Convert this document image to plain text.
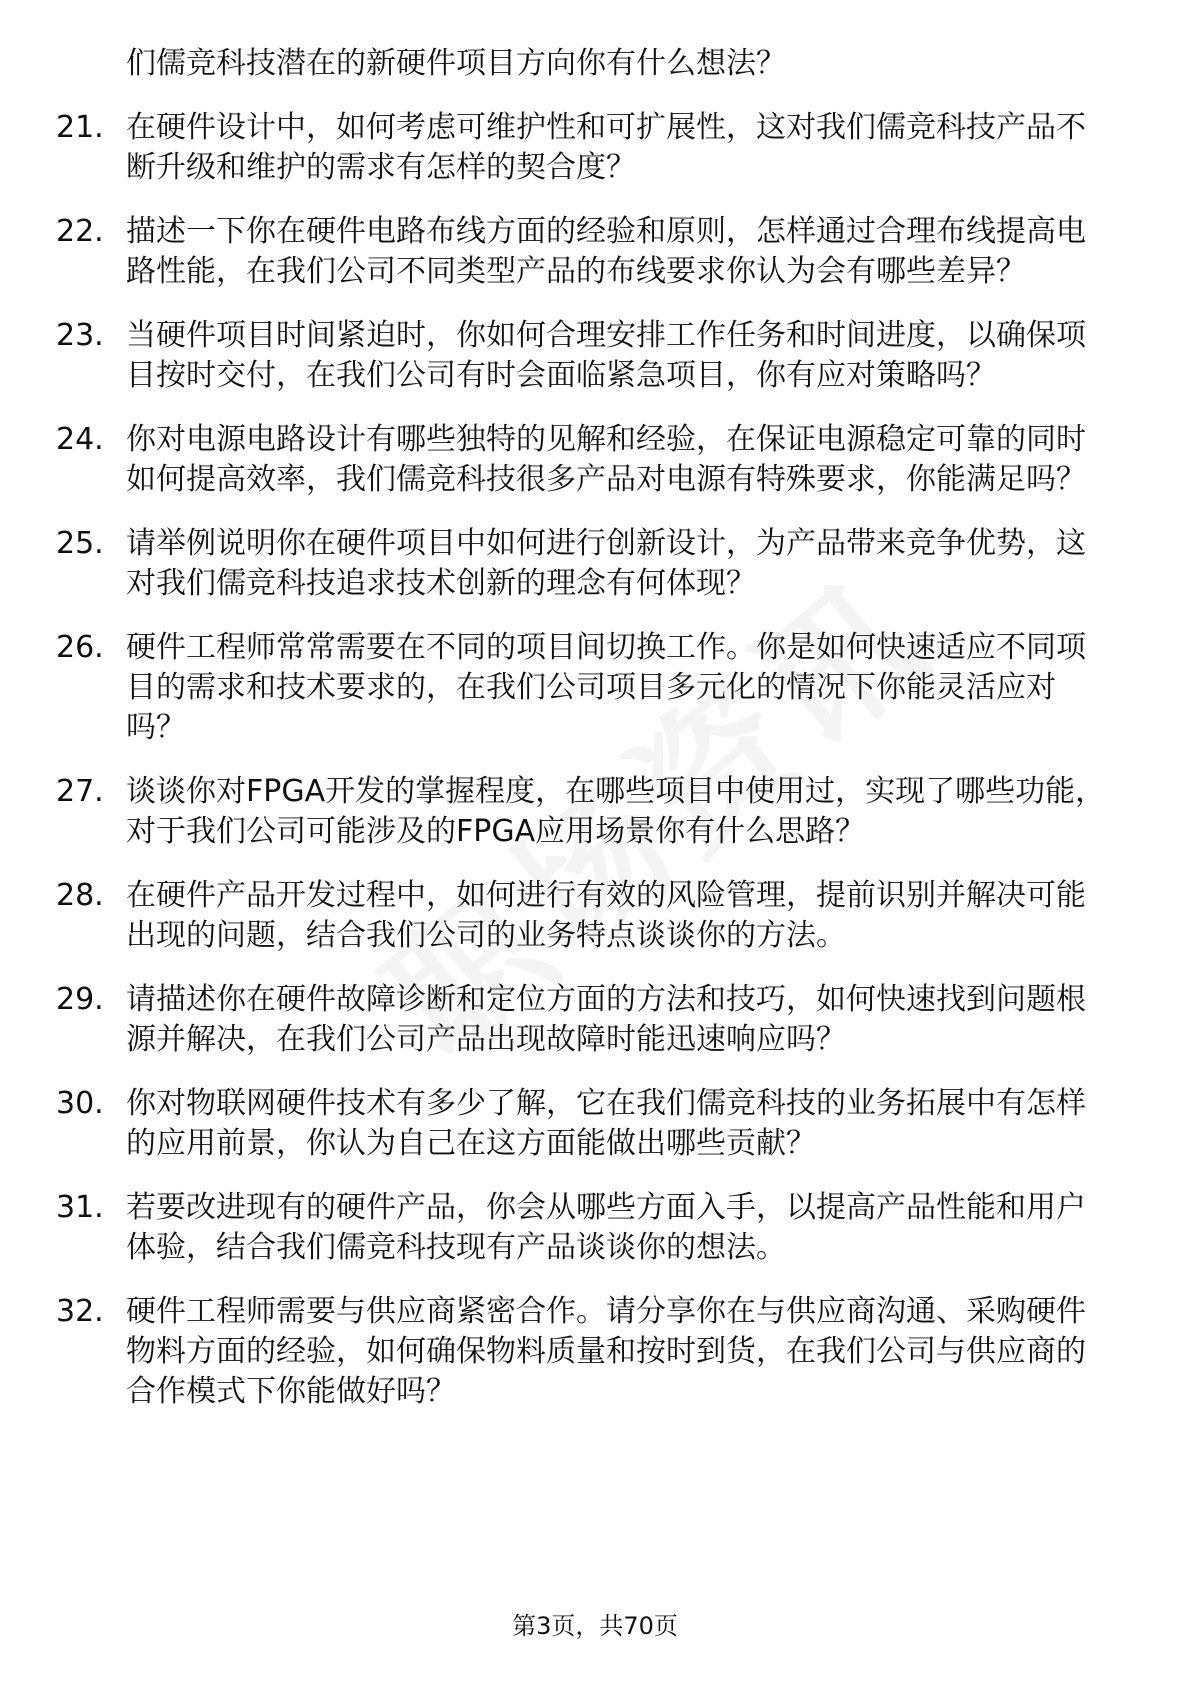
们儒竞科技潜在的新硬件项目方向你有什么想法？
21. 在硬件设计中，如何考虑可维护性和可扩展性，这对我们儒竞科技产品不断升级和维护的需求有怎样的契合度？
22. 描述一下你在硬件电路布线方面的经验和原则，怎样通过合理布线提高电路性能，在我们公司不同类型产品的布线要求你认为会有哪些差异？
23. 当硬件项目时间紧迫时，你如何合理安排工作任务和时间进度，以确保项目按时交付，在我们公司有时会面临紧急项目，你有应对策略吗？
24. 你对电源电路设计有哪些独特的见解和经验，在保证电源稳定可靠的同时如何提高效率，我们儒竞科技很多产品对电源有特殊要求，你能满足吗？
25. 请举例说明你在硬件项目中如何进行创新设计，为产品带来竞争优势，这对我们儒竞科技追求技术创新的理念有何体现？
26. 硬件工程师常常需要在不同的项目间切换工作。你是如何快速适应不同项目的需求和技术要求的，在我们公司项目多元化的情况下你能灵活应对吗？
27. 谈谈你对FPGA开发的掌握程度，在哪些项目中使用过，实现了哪些功能，对于我们公司可能涉及的FPGA应用场景你有什么思路？
28. 在硬件产品开发过程中，如何进行有效的风险管理，提前识别并解决可能出现的问题，结合我们公司的业务特点谈谈你的方法。
29. 请描述你在硬件故障诊断和定位方面的方法和技巧，如何快速找到问题根源并解决，在我们公司产品出现故障时能迅速响应吗？
30. 你对物联网硬件技术有多少了解，它在我们儒竞科技的业务拓展中有怎样的应用前景，你认为自己在这方面能做出哪些贡献？
31. 若要改进现有的硬件产品，你会从哪些方面入手，以提高产品性能和用户体验，结合我们儒竞科技现有产品谈谈你的想法。
32. 硬件工程师需要与供应商紧密合作。请分享你在与供应商沟通、采购硬件物料方面的经验，如何确保物料质量和按时到货，在我们公司与供应商的合作模式下你能做好吗？
第3页，共70页
